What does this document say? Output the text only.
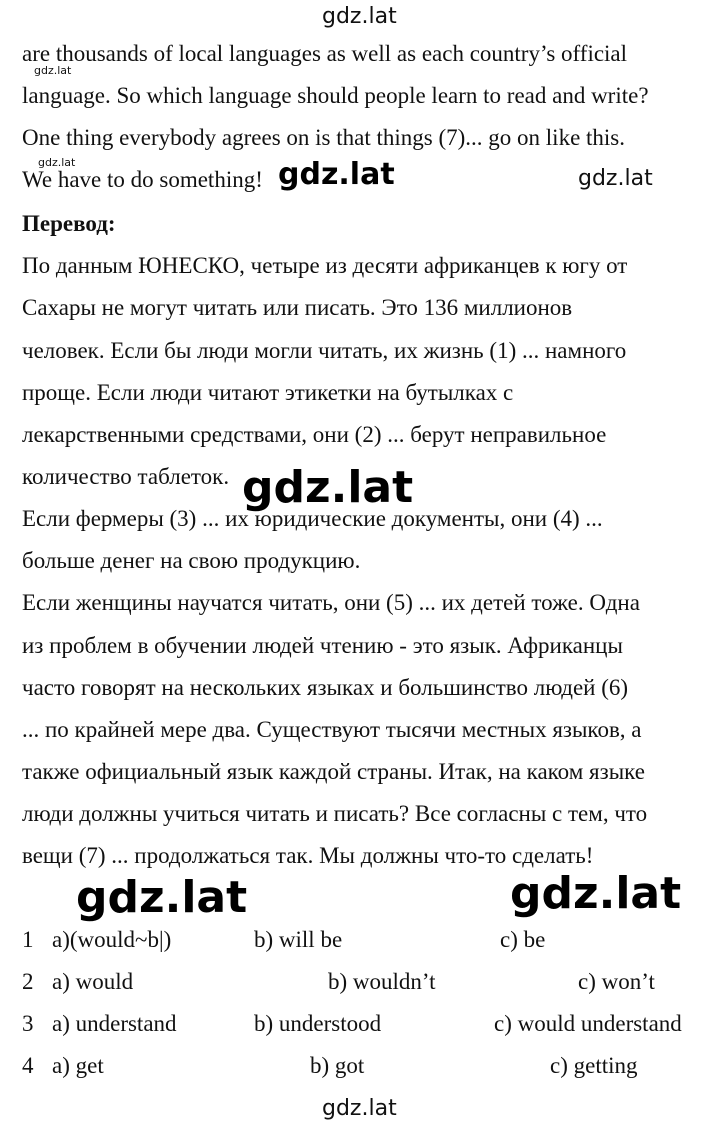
gdz.lat
gdz.lat
gdz.lat
gdz.lat
are thousands of local languages as well as each country’s official
language. So which language should people learn to read and write?
One thing everybody agrees on is that things (7)... go on like this.
We have to do something! gdz.lat
Перевод:
По данным ЮНЕСКО, четыре из десяти африканцев к югу от
Сахары не могут читать или писать. Это 136 миллионов
человек. Если бы люди могли читать, их жизнь (1) ... намного
проще. Если люди читают этикетки на бутылках с
лекарственными средствами, они (2) ... берут неправильное
количество таблеток.
Если фермеры (3) ... их юридические документы, они (4) ...
больше денег на свою продукцию.
Если женщины научатся читать, они (5) ... их детей тоже. Одна
из проблем в обучении людей чтению - это язык. Африканцы
часто говорят на нескольких языках и большинство людей (6)
... по крайней мере два. Существуют тысячи местных языков, а
также официальный язык каждой страны. Итак, на каком языке
люди должны учиться читать и писать? Все согласны с тем, что
вещи (7) ... продолжаться так. Мы должны что-то сделать!
gdz.lat
gdz.lat	gdz.lat
1 a)(would~b|)	b) will be	c) be
2 a) would	b) wouldn’t	c) won’t
3 a) understand	b) understood	c) would understand
4 a) get	b) got	c) getting
gdz.lat
